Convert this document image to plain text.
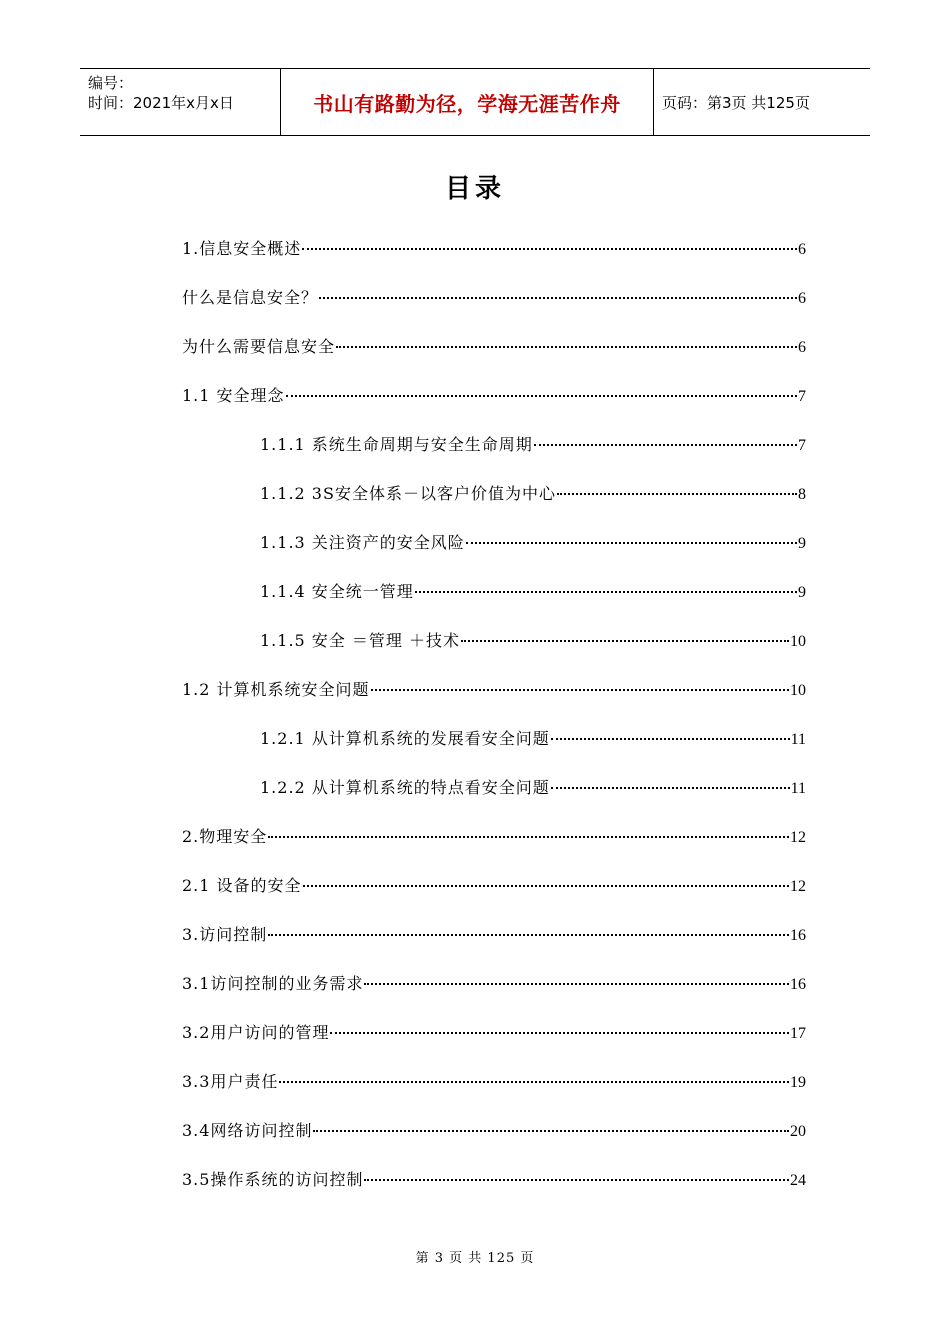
编号：
时间：2021年x月x日	书山有路勤为径，学海无涯苦作舟	页码：第3页 共125页
目录
1.信息安全概述	6
什么是信息安全？	6
为什么需要信息安全	6
1.1 安全理念	7
1.1.1 系统生命周期与安全生命周期	7
1.1.2 3S安全体系－以客户价值为中心	8
1.1.3 关注资产的安全风险	9
1.1.4 安全统一管理	9
1.1.5 安全 ＝管理 ＋技术	10
1.2 计算机系统安全问题	10
1.2.1 从计算机系统的发展看安全问题	11
1.2.2 从计算机系统的特点看安全问题	11
2.物理安全	12
2.1 设备的安全	12
3.访问控制	16
3.1访问控制的业务需求	16
3.2用户访问的管理	17
3.3用户责任	19
3.4网络访问控制	20
3.5操作系统的访问控制	24
第 3 页 共 125 页
